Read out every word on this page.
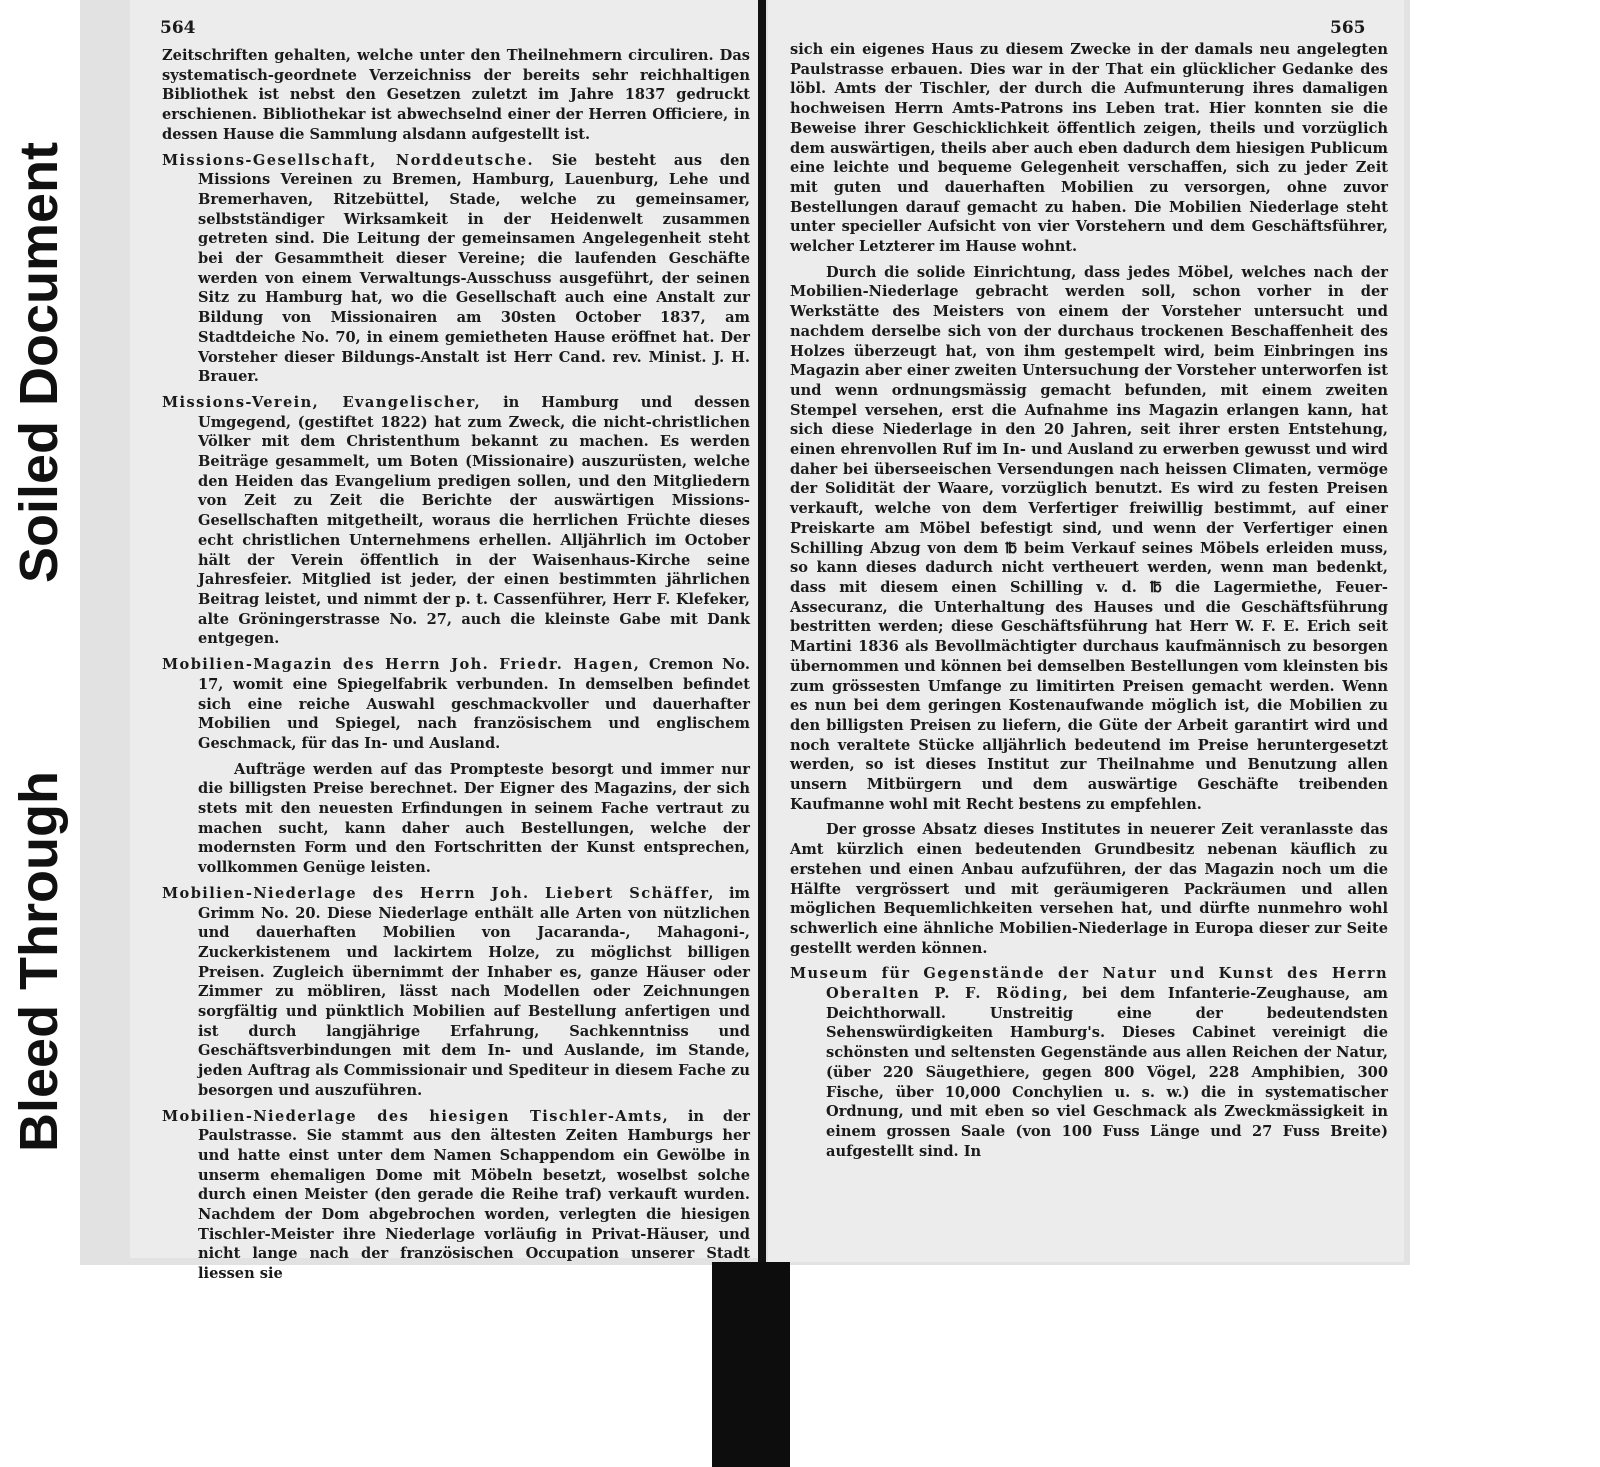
Soiled Document
Bleed Through
564	565

Zeitschriften gehalten, welche unter den Theilnehmern circuliren. Das systematisch-geordnete Verzeichniss der bereits sehr reichhaltigen Bibliothek ist nebst den Gesetzen zuletzt im Jahre 1837 gedruckt erschienen. Bibliothekar ist abwechselnd einer der Herren Officiere, in dessen Hause die Sammlung alsdann aufgestellt ist.

Missions-Gesellschaft, Norddeutsche. Sie besteht aus den Missions Vereinen zu Bremen, Hamburg, Lauenburg, Lehe und Bremerhaven, Ritzebüttel, Stade, welche zu gemeinsamer, selbstständiger Wirksamkeit in der Heidenwelt zusammen getreten sind. Die Leitung der gemeinsamen Angelegenheit steht bei der Gesammtheit dieser Vereine; die laufenden Geschäfte werden von einem Verwaltungs-Ausschuss ausgeführt, der seinen Sitz zu Hamburg hat, wo die Gesellschaft auch eine Anstalt zur Bildung von Missionairen am 30sten October 1837, am Stadtdeiche No. 70, in einem gemietheten Hause eröffnet hat. Der Vorsteher dieser Bildungs-Anstalt ist Herr Cand. rev. Minist. J. H. Brauer.

Missions-Verein, Evangelischer, in Hamburg und dessen Umgegend, (gestiftet 1822) hat zum Zweck, die nicht-christlichen Völker mit dem Christenthum bekannt zu machen. Es werden Beiträge gesammelt, um Boten (Missionaire) auszurüsten, welche den Heiden das Evangelium predigen sollen, und den Mitgliedern von Zeit zu Zeit die Berichte der auswärtigen Missions-Gesellschaften mitgetheilt, woraus die herrlichen Früchte dieses echt christlichen Unternehmens erhellen. Alljährlich im October hält der Verein öffentlich in der Waisenhaus-Kirche seine Jahresfeier. Mitglied ist jeder, der einen bestimmten jährlichen Beitrag leistet, und nimmt der p. t. Cassenführer, Herr F. Klefeker, alte Gröningerstrasse No. 27, auch die kleinste Gabe mit Dank entgegen.

Mobilien-Magazin des Herrn Joh. Friedr. Hagen, Cremon No. 17, womit eine Spiegelfabrik verbunden. In demselben befindet sich eine reiche Auswahl geschmackvoller und dauerhafter Mobilien und Spiegel, nach französischem und englischem Geschmack, für das In- und Ausland.

Aufträge werden auf das Prompteste besorgt und immer nur die billigsten Preise berechnet. Der Eigner des Magazins, der sich stets mit den neuesten Erfindungen in seinem Fache vertraut zu machen sucht, kann daher auch Bestellungen, welche der modernsten Form und den Fortschritten der Kunst entsprechen, vollkommen Genüge leisten.

Mobilien-Niederlage des Herrn Joh. Liebert Schäffer, im Grimm No. 20. Diese Niederlage enthält alle Arten von nützlichen und dauerhaften Mobilien von Jacaranda-, Mahagoni-, Zuckerkistenem und lackirtem Holze, zu möglichst billigen Preisen. Zugleich übernimmt der Inhaber es, ganze Häuser oder Zimmer zu möbliren, lässt nach Modellen oder Zeichnungen sorgfältig und pünktlich Mobilien auf Bestellung anfertigen und ist durch langjährige Erfahrung, Sachkenntniss und Geschäftsverbindungen mit dem In- und Auslande, im Stande, jeden Auftrag als Commissionair und Spediteur in diesem Fache zu besorgen und auszuführen.

Mobilien-Niederlage des hiesigen Tischler-Amts, in der Paulstrasse. Sie stammt aus den ältesten Zeiten Hamburgs her und hatte einst unter dem Namen Schappendom ein Gewölbe in unserm ehemaligen Dome mit Möbeln besetzt, woselbst solche durch einen Meister (den gerade die Reihe traf) verkauft wurden. Nachdem der Dom abgebrochen worden, verlegten die hiesigen Tischler-Meister ihre Niederlage vorläufig in Privat-Häuser, und nicht lange nach der französischen Occupation unserer Stadt liessen sie

sich ein eigenes Haus zu diesem Zwecke in der damals neu angelegten Paulstrasse erbauen. Dies war in der That ein glücklicher Gedanke des löbl. Amts der Tischler, der durch die Aufmunterung ihres damaligen hochweisen Herrn Amts-Patrons ins Leben trat. Hier konnten sie die Beweise ihrer Geschicklichkeit öffentlich zeigen, theils und vorzüglich dem auswärtigen, theils aber auch eben dadurch dem hiesigen Publicum eine leichte und bequeme Gelegenheit verschaffen, sich zu jeder Zeit mit guten und dauerhaften Mobilien zu versorgen, ohne zuvor Bestellungen darauf gemacht zu haben. Die Mobilien Niederlage steht unter specieller Aufsicht von vier Vorstehern und dem Geschäftsführer, welcher Letzterer im Hause wohnt.

Durch die solide Einrichtung, dass jedes Möbel, welches nach der Mobilien-Niederlage gebracht werden soll, schon vorher in der Werkstätte des Meisters von einem der Vorsteher untersucht und nachdem derselbe sich von der durchaus trockenen Beschaffenheit des Holzes überzeugt hat, von ihm gestempelt wird, beim Einbringen ins Magazin aber einer zweiten Untersuchung der Vorsteher unterworfen ist und wenn ordnungsmässig gemacht befunden, mit einem zweiten Stempel versehen, erst die Aufnahme ins Magazin erlangen kann, hat sich diese Niederlage in den 20 Jahren, seit ihrer ersten Entstehung, einen ehrenvollen Ruf im In- und Ausland zu erwerben gewusst und wird daher bei überseeischen Versendungen nach heissen Climaten, vermöge der Solidität der Waare, vorzüglich benutzt. Es wird zu festen Preisen verkauft, welche von dem Verfertiger freiwillig bestimmt, auf einer Preiskarte am Möbel befestigt sind, und wenn der Verfertiger einen Schilling Abzug von dem ℔ beim Verkauf seines Möbels erleiden muss, so kann dieses dadurch nicht vertheuert werden, wenn man bedenkt, dass mit diesem einen Schilling v. d. ℔ die Lagermiethe, Feuer-Assecuranz, die Unterhaltung des Hauses und die Geschäftsführung bestritten werden; diese Geschäftsführung hat Herr W. F. E. Erich seit Martini 1836 als Bevollmächtigter durchaus kaufmännisch zu besorgen übernommen und können bei demselben Bestellungen vom kleinsten bis zum grössesten Umfange zu limitirten Preisen gemacht werden. Wenn es nun bei dem geringen Kostenaufwande möglich ist, die Mobilien zu den billigsten Preisen zu liefern, die Güte der Arbeit garantirt wird und noch veraltete Stücke alljährlich bedeutend im Preise heruntergesetzt werden, so ist dieses Institut zur Theilnahme und Benutzung allen unsern Mitbürgern und dem auswärtige Geschäfte treibenden Kaufmanne wohl mit Recht bestens zu empfehlen.

Der grosse Absatz dieses Institutes in neuerer Zeit veranlasste das Amt kürzlich einen bedeutenden Grundbesitz nebenan käuflich zu erstehen und einen Anbau aufzuführen, der das Magazin noch um die Hälfte vergrössert und mit geräumigeren Packräumen und allen möglichen Bequemlichkeiten versehen hat, und dürfte nunmehro wohl schwerlich eine ähnliche Mobilien-Niederlage in Europa dieser zur Seite gestellt werden können.

Museum für Gegenstände der Natur und Kunst des Herrn Oberalten P. F. Röding, bei dem Infanterie-Zeughause, am Deichthorwall. Unstreitig eine der bedeutendsten Sehenswürdigkeiten Hamburg's. Dieses Cabinet vereinigt die schönsten und seltensten Gegenstände aus allen Reichen der Natur, (über 220 Säugethiere, gegen 800 Vögel, 228 Amphibien, 300 Fische, über 10,000 Conchylien u. s. w.) die in systematischer Ordnung, und mit eben so viel Geschmack als Zweckmässigkeit in einem grossen Saale (von 100 Fuss Länge und 27 Fuss Breite) aufgestellt sind. In
